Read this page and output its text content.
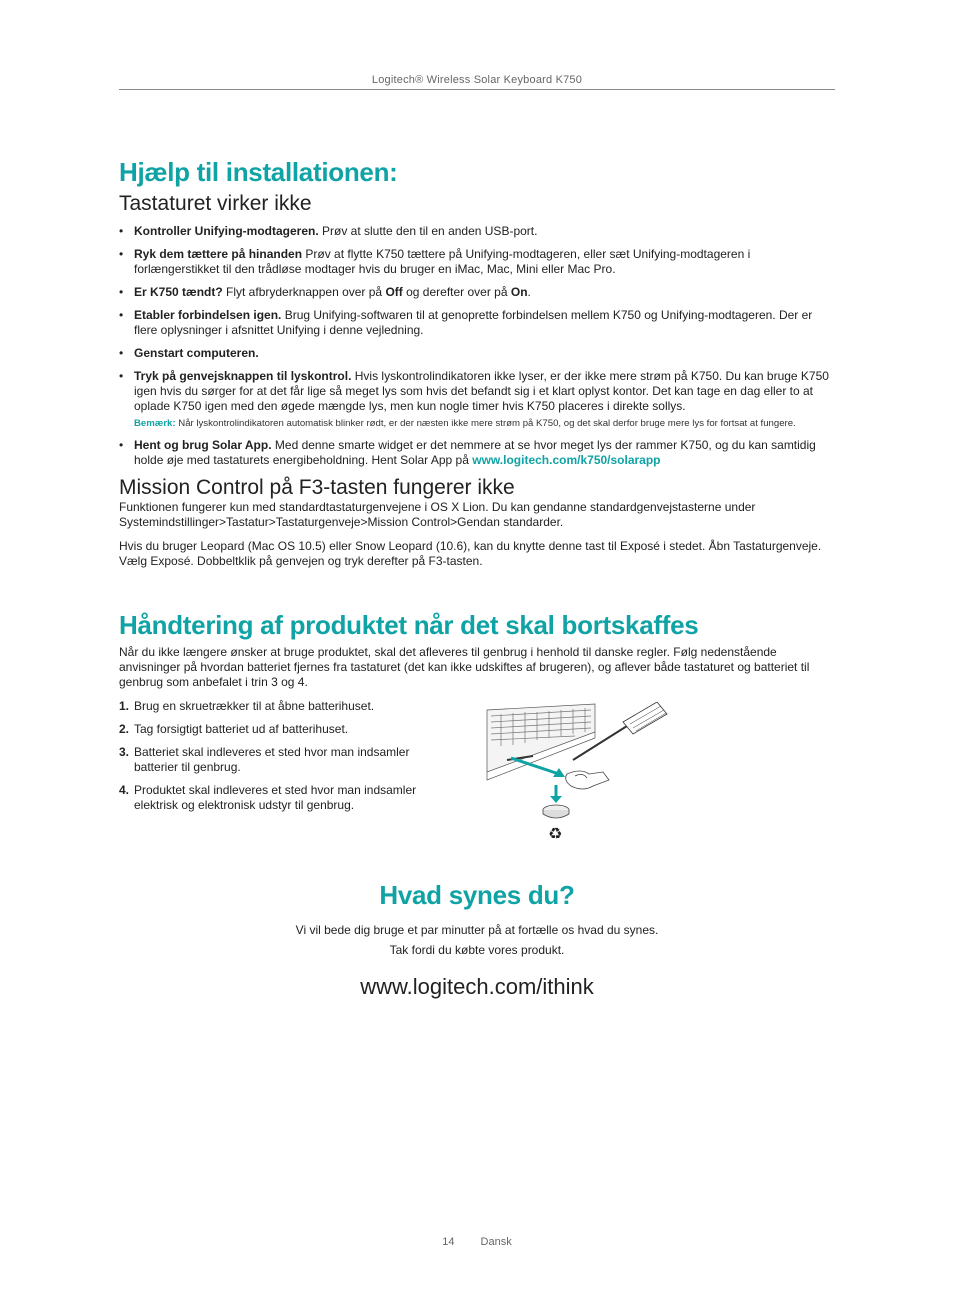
Logitech® Wireless Solar Keyboard K750
Hjælp til installationen:
Tastaturet virker ikke
• Kontroller Unifying-modtageren. Prøv at slutte den til en anden USB-port.
• Ryk dem tættere på hinanden Prøv at flytte K750 tættere på Unifying-modtageren, eller sæt Unifying-modtageren i forlængerstikket til den trådløse modtager hvis du bruger en iMac, Mac, Mini eller Mac Pro.
• Er K750 tændt? Flyt afbryderknappen over på Off og derefter over på On.
• Etabler forbindelsen igen. Brug Unifying-softwaren til at genoprette forbindelsen mellem K750 og Unifying-modtageren. Der er flere oplysninger i afsnittet Unifying i denne vejledning.
• Genstart computeren.
• Tryk på genvejsknappen til lyskontrol. Hvis lyskontrolindikatoren ikke lyser, er der ikke mere strøm på K750. Du kan bruge K750 igen hvis du sørger for at det får lige så meget lys som hvis det befandt sig i et klart oplyst kontor. Det kan tage en dag eller to at oplade K750 igen med den øgede mængde lys, men kun nogle timer hvis K750 placeres i direkte sollys.
Bemærk: Når lyskontrolindikatoren automatisk blinker rødt, er der næsten ikke mere strøm på K750, og det skal derfor bruge mere lys for fortsat at fungere.
• Hent og brug Solar App. Med denne smarte widget er det nemmere at se hvor meget lys der rammer K750, og du kan samtidig holde øje med tastaturets energibeholdning. Hent Solar App på www.logitech.com/k750/solarapp
Mission Control på F3-tasten fungerer ikke

Funktionen fungerer kun med standardtastaturgenvejene i OS X Lion. Du kan gendanne standardgenvejstasterne under Systemindstillinger>Tastatur>Tastaturgenveje>Mission Control>Gendan standarder.

Hvis du bruger Leopard (Mac OS 10.5) eller Snow Leopard (10.6), kan du knytte denne tast til Exposé i stedet. Åbn Tastaturgenveje. Vælg Exposé. Dobbeltklik på genvejen og tryk derefter på F3-tasten.

Håndtering af produktet når det skal bortskaffes

Når du ikke længere ønsker at bruge produktet, skal det afleveres til genbrug i henhold til danske regler. Følg nedenstående anvisninger på hvordan batteriet fjernes fra tastaturet (det kan ikke udskiftes af brugeren), og aflever både tastaturet og batteriet til genbrug som anbefalet i trin 3 og 4.

1. Brug en skruetrækker til at åbne batterihuset.
2. Tag forsigtigt batteriet ud af batterihuset.
3. Batteriet skal indleveres et sted hvor man indsamler batterier til genbrug.
4. Produktet skal indleveres et sted hvor man indsamler elektrisk og elektronisk udstyr til genbrug.
♻
Hvad synes du?

Vi vil bede dig bruge et par minutter på at fortælle os hvad du synes.

Tak fordi du købte vores produkt.

www.logitech.com/ithink
14 Dansk
